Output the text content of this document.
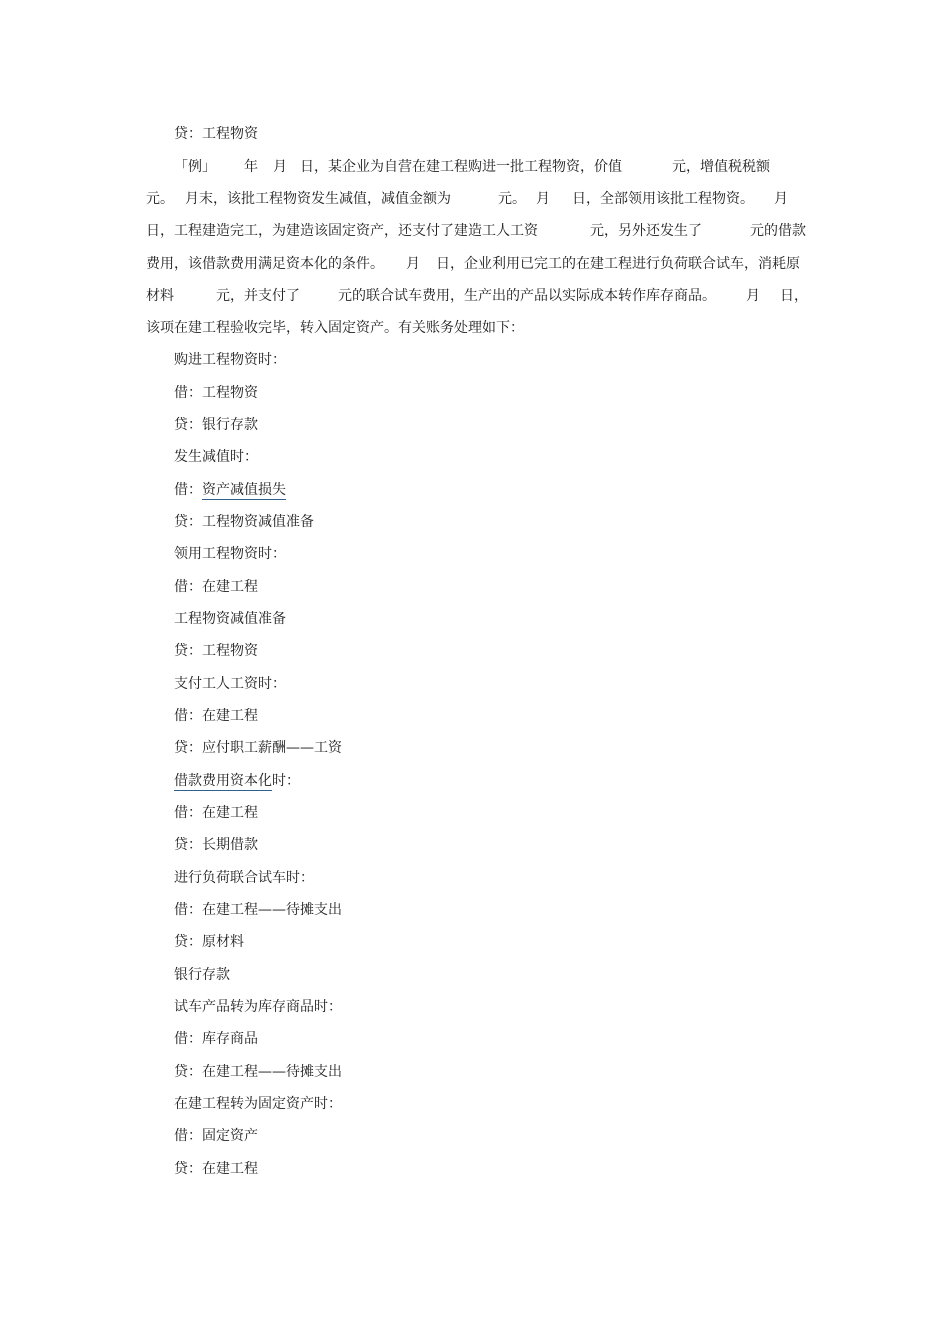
贷：工程物资
「例」 年 月 日，某企业为自营在建工程购进一批工程物资，价值	元，增值税税额
元。 月末，该批工程物资发生减值，减值金额为	元。 月 日，全部领用该批工程物资。 月
日，工程建造完工，为建造该固定资产，还支付了建造工人工资	元，另外还发生了	元的借款
费用，该借款费用满足资本化的条件。 月 日，企业利用已完工的在建工程进行负荷联合试车，消耗原
材料	元，并支付了	元的联合试车费用，生产出的产品以实际成本转作库存商品。 月 日，
该项在建工程验收完毕，转入固定资产。有关账务处理如下：
购进工程物资时：
借：工程物资
贷：银行存款
发生减值时：
借：资产减值损失
贷：工程物资减值准备
领用工程物资时：
借：在建工程
工程物资减值准备
贷：工程物资
支付工人工资时：
借：在建工程
贷：应付职工薪酬——工资
借款费用资本化时：
借：在建工程
贷：长期借款
进行负荷联合试车时：
借：在建工程——待摊支出
贷：原材料
银行存款
试车产品转为库存商品时：
借：库存商品
贷：在建工程——待摊支出
在建工程转为固定资产时：
借：固定资产
贷：在建工程
